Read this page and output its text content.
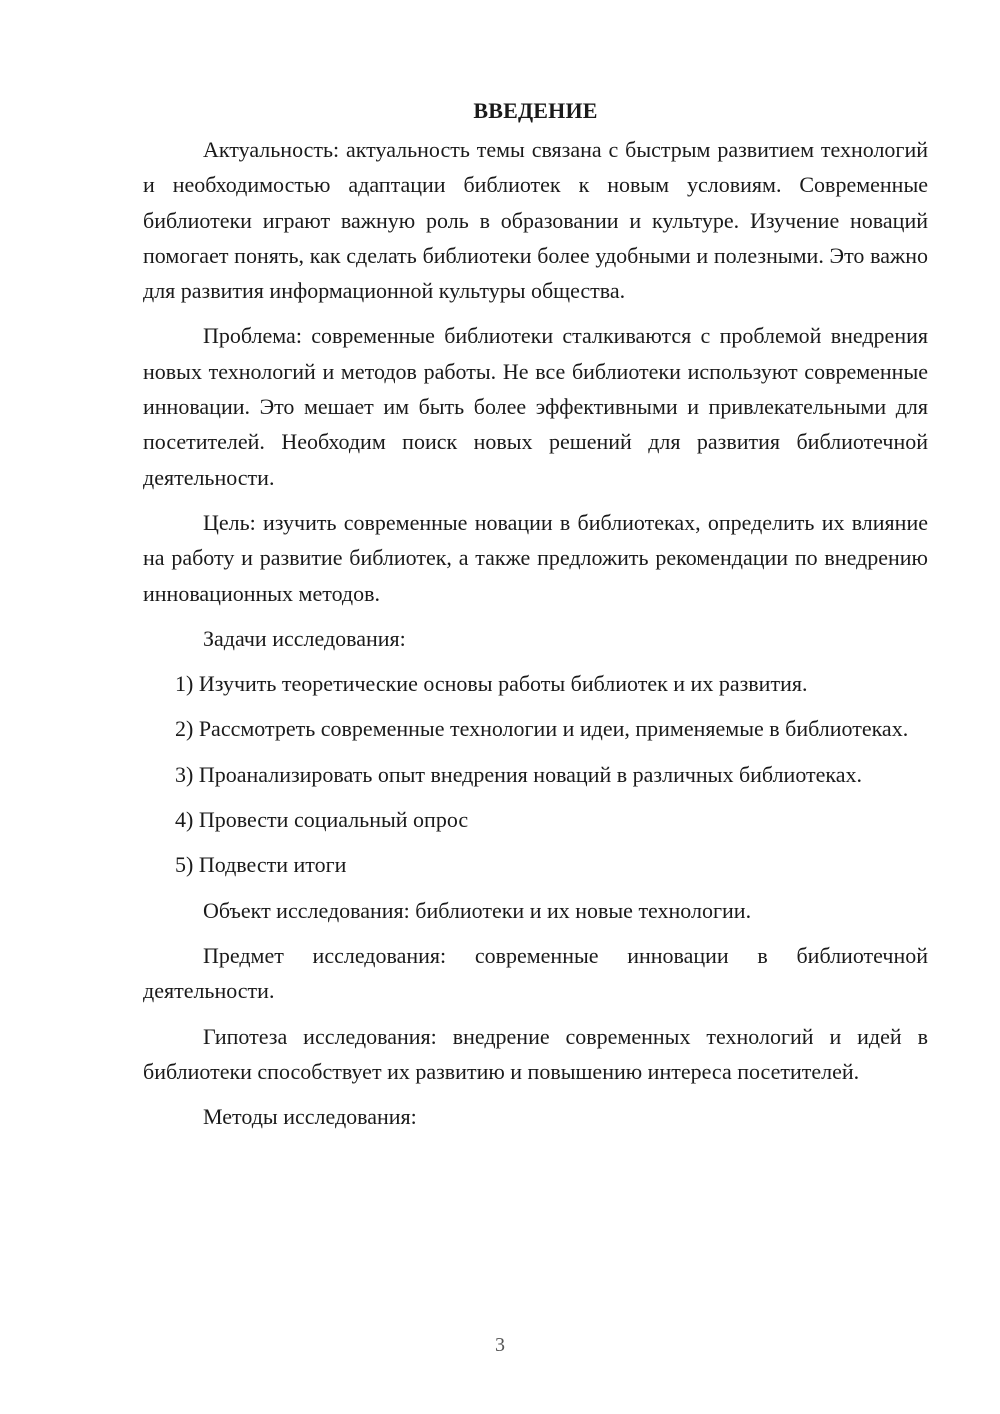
ВВЕДЕНИЕ

Актуальность: актуальность темы связана с быстрым развитием технологий и необходимостью адаптации библиотек к новым условиям. Современные библиотеки играют важную роль в образовании и культуре. Изучение новаций помогает понять, как сделать библиотеки более удобными и полезными. Это важно для развития информационной культуры общества.

Проблема: современные библиотеки сталкиваются с проблемой внедрения новых технологий и методов работы. Не все библиотеки используют современные инновации. Это мешает им быть более эффективными и привлекательными для посетителей. Необходим поиск новых решений для развития библиотечной деятельности.

Цель: изучить современные новации в библиотеках, определить их влияние на работу и развитие библиотек, а также предложить рекомендации по внедрению инновационных методов.

Задачи исследования:

1) Изучить теоретические основы работы библиотек и их развития.

2) Рассмотреть современные технологии и идеи, применяемые в библиотеках.

3) Проанализировать опыт внедрения новаций в различных библиотеках.

4) Провести социальный опрос

5) Подвести итоги

Объект исследования: библиотеки и их новые технологии.

Предмет исследования: современные инновации в библиотечной деятельности.

Гипотеза исследования: внедрение современных технологий и идей в библиотеки способствует их развитию и повышению интереса посетителей.

Методы исследования:

3
